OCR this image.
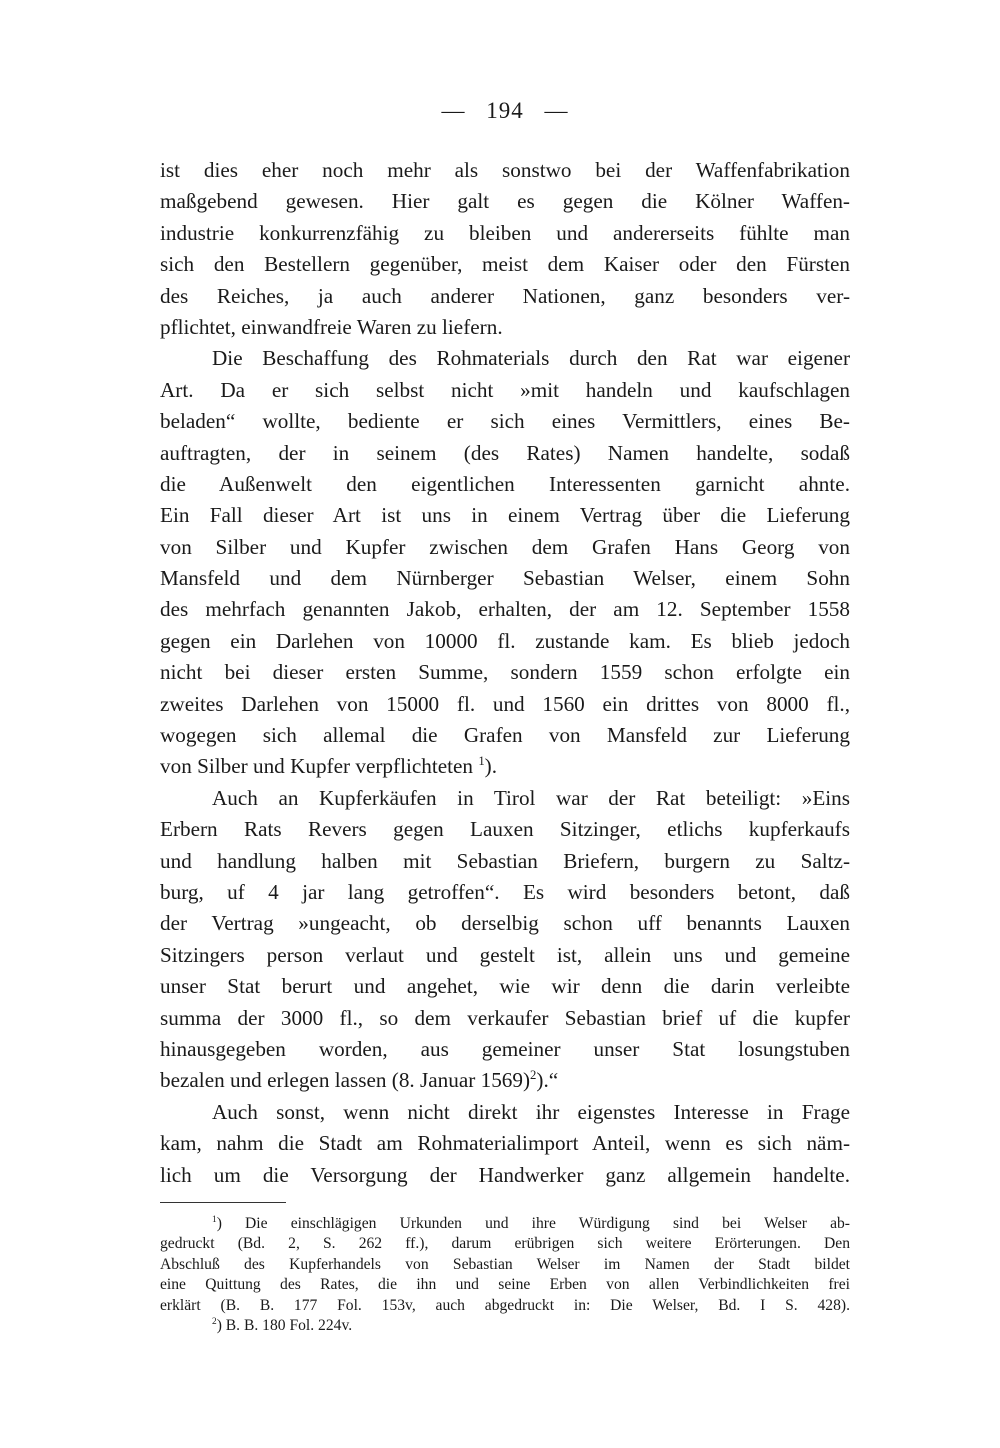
— 194 —
ist dies eher noch mehr als sonstwo bei der Waffenfabrikation
maßgebend gewesen. Hier galt es gegen die Kölner Waffen-
industrie konkurrenzfähig zu bleiben und andererseits fühlte man
sich den Bestellern gegenüber, meist dem Kaiser oder den Fürsten
des Reiches, ja auch anderer Nationen, ganz besonders ver-
pflichtet, einwandfreie Waren zu liefern.
Die Beschaffung des Rohmaterials durch den Rat war eigener
Art. Da er sich selbst nicht »mit handeln und kaufschlagen
beladen“ wollte, bediente er sich eines Vermittlers, eines Be-
auftragten, der in seinem (des Rates) Namen handelte, sodaß
die Außenwelt den eigentlichen Interessenten garnicht ahnte.
Ein Fall dieser Art ist uns in einem Vertrag über die Lieferung
von Silber und Kupfer zwischen dem Grafen Hans Georg von
Mansfeld und dem Nürnberger Sebastian Welser, einem Sohn
des mehrfach genannten Jakob, erhalten, der am 12. September 1558
gegen ein Darlehen von 10000 fl. zustande kam. Es blieb jedoch
nicht bei dieser ersten Summe, sondern 1559 schon erfolgte ein
zweites Darlehen von 15000 fl. und 1560 ein drittes von 8000 fl.,
wogegen sich allemal die Grafen von Mansfeld zur Lieferung
von Silber und Kupfer verpflichteten $^1$).
Auch an Kupferkäufen in Tirol war der Rat beteiligt: »Eins
Erbern Rats Revers gegen Lauxen Sitzinger, etlichs kupferkaufs
und handlung halben mit Sebastian Briefern, burgern zu Saltz-
burg, uf 4 jar lang getroffen“. Es wird besonders betont, daß
der Vertrag »ungeacht, ob derselbig schon uff benannts Lauxen
Sitzingers person verlaut und gestelt ist, allein uns und gemeine
unser Stat berurt und angehet, wie wir denn die darin verleibte
summa der 3000 fl., so dem verkaufer Sebastian brief uf die kupfer
hinausgegeben worden, aus gemeiner unser Stat losungstuben
bezalen und erlegen lassen (8. Januar 1569)$^2$).“
Auch sonst, wenn nicht direkt ihr eigenstes Interesse in Frage
kam, nahm die Stadt am Rohmaterialimport Anteil, wenn es sich näm-
lich um die Versorgung der Handwerker ganz allgemein handelte.
$^1$) Die einschlägigen Urkunden und ihre Würdigung sind bei Welser ab-
gedruckt (Bd. 2, S. 262 ff.), darum erübrigen sich weitere Erörterungen. Den
Abschluß des Kupferhandels von Sebastian Welser im Namen der Stadt bildet
eine Quittung des Rates, die ihn und seine Erben von allen Verbindlichkeiten frei
erklärt (B. B. 177 Fol. 153v, auch abgedruckt in: Die Welser, Bd. I S. 428).
$^2$) B. B. 180 Fol. 224v.
